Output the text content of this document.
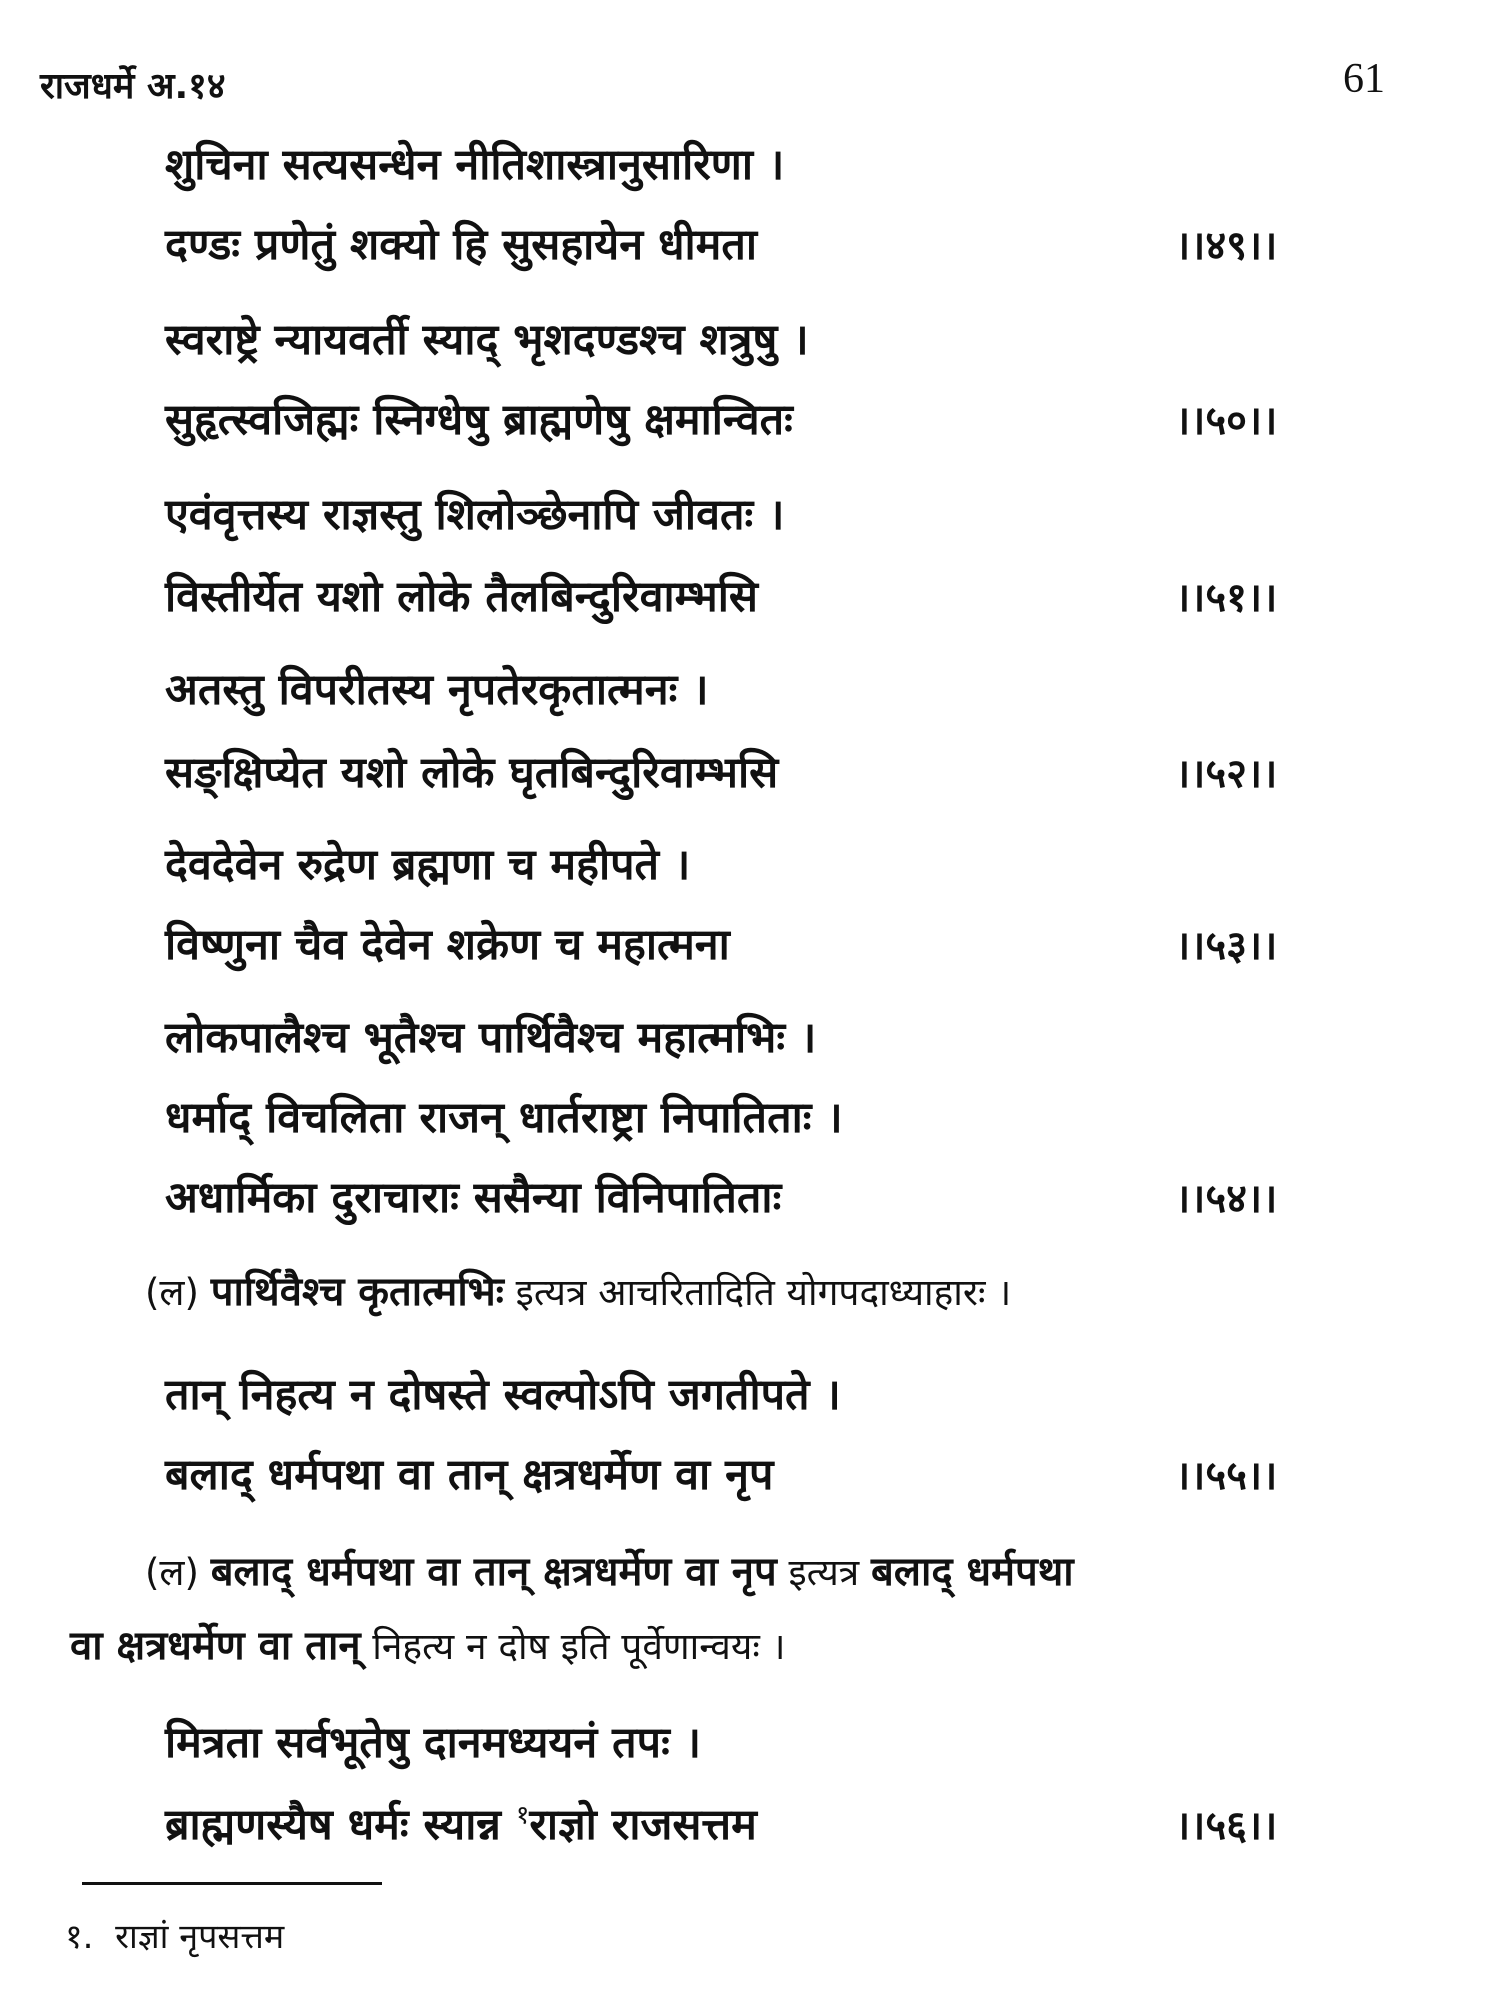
राजधर्मे अ.१४	61
शुचिना सत्यसन्धेन नीतिशास्त्रानुसारिणा ।
दण्डः प्रणेतुं शक्यो हि सुसहायेन धीमता	।।४९।।
स्वराष्ट्रे न्यायवर्ती स्याद् भृशदण्डश्च शत्रुषु ।
सुहृत्स्वजिह्मः स्निग्धेषु ब्राह्मणेषु क्षमान्वितः	।।५०।।
एवंवृत्तस्य राज्ञस्तु शिलोञ्छेनापि जीवतः ।
विस्तीर्येत यशो लोके तैलबिन्दुरिवाम्भसि	।।५१।।
अतस्तु विपरीतस्य नृपतेरकृतात्मनः ।
सङ्क्षिप्येत यशो लोके घृतबिन्दुरिवाम्भसि	।।५२।।
देवदेवेन रुद्रेण ब्रह्मणा च महीपते ।
विष्णुना चैव देवेन शक्रेण च महात्मना	।।५३।।
लोकपालैश्च भूतैश्च पार्थिवैश्च महात्मभिः ।
धर्माद् विचलिता राजन् धार्तराष्ट्रा निपातिताः ।
अधार्मिका दुराचाराः ससैन्या विनिपातिताः	।।५४।।
(ल) पार्थिवैश्च कृतात्मभिः इत्यत्र आचरितादिति योगपदाध्याहारः ।
तान् निहत्य न दोषस्ते स्वल्पोऽपि जगतीपते ।
बलाद् धर्मपथा वा तान् क्षत्रधर्मेण वा नृप	।।५५।।
(ल) बलाद् धर्मपथा वा तान् क्षत्रधर्मेण वा नृप इत्यत्र बलाद् धर्मपथा
वा क्षत्रधर्मेण वा तान् निहत्य न दोष इति पूर्वेणान्वयः ।
मित्रता सर्वभूतेषु दानमध्ययनं तपः ।
ब्राह्मणस्यैष धर्मः स्यान्न $^१$राज्ञो राजसत्तम	।।५६।।
१. राज्ञां नृपसत्तम
